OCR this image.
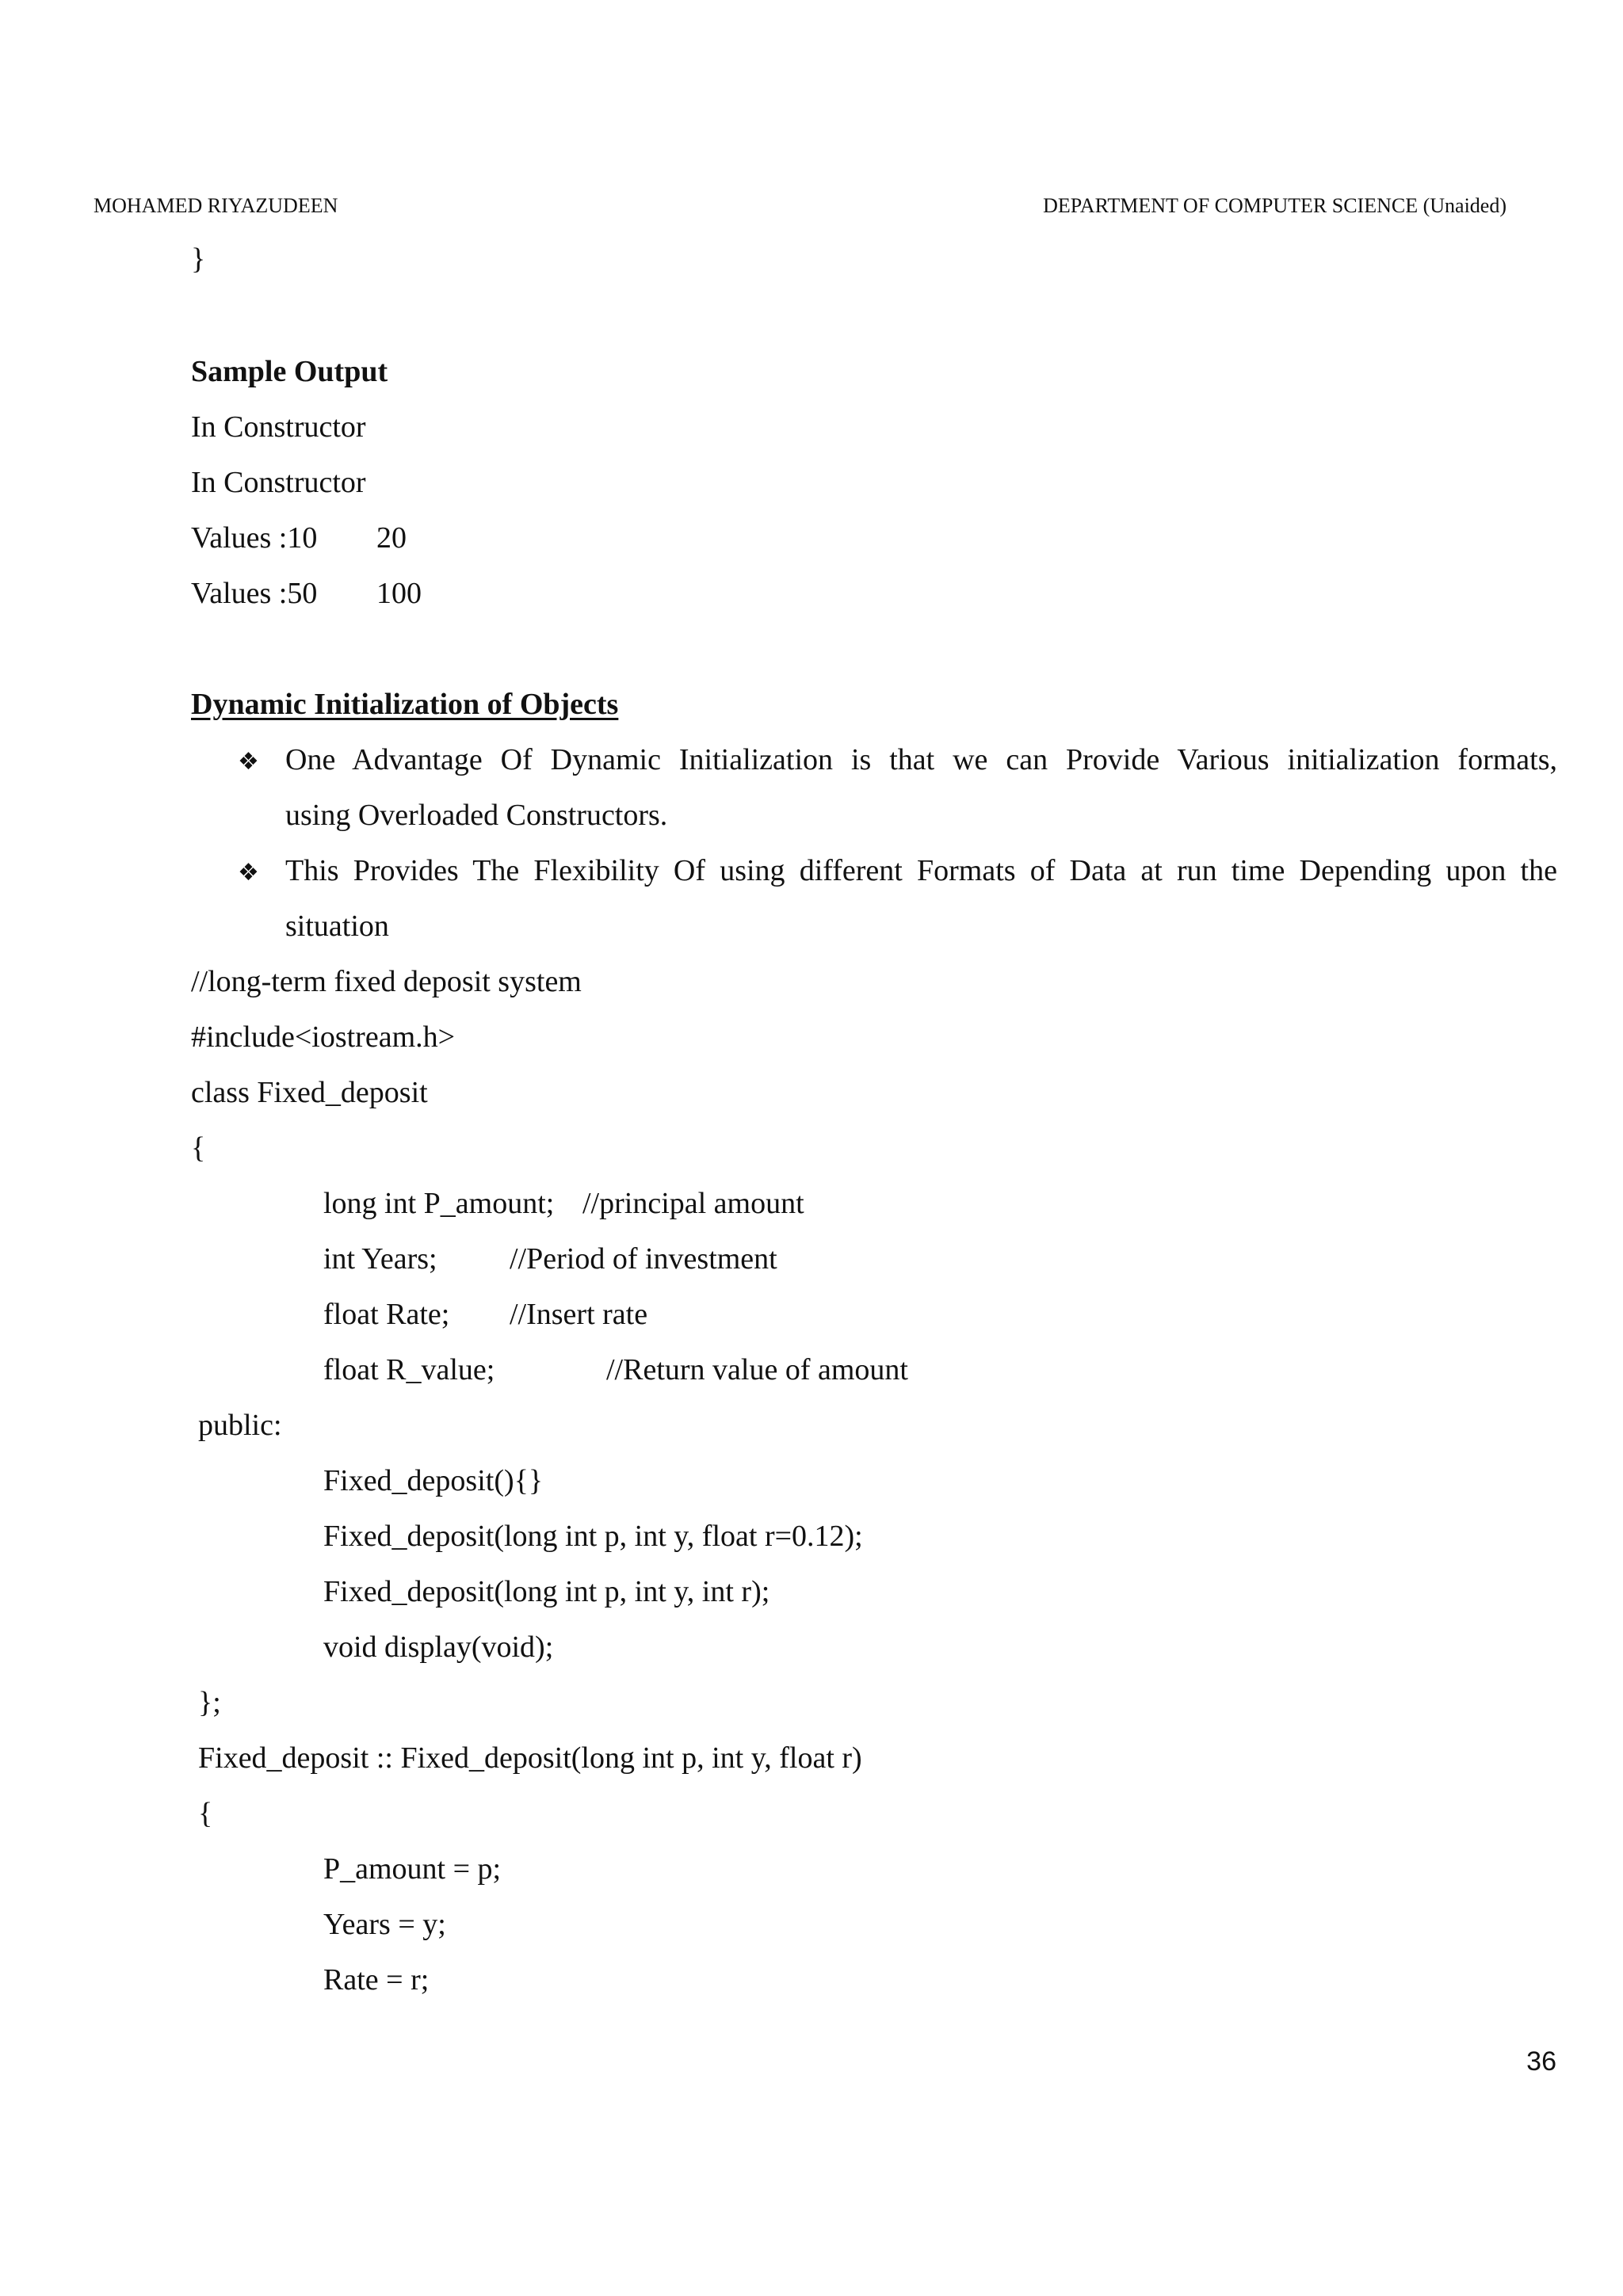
MOHAMED RIYAZUDEEN	DEPARTMENT OF COMPUTER SCIENCE (Unaided)
}
Sample Output
In Constructor
In Constructor
Values :10 20
Values :50 100
Dynamic Initialization of Objects
❖ One Advantage Of Dynamic Initialization is that we can Provide Various initialization formats,
using Overloaded Constructors.
❖ This Provides The Flexibility Of using different Formats of Data at run time Depending upon the
situation
//long-term fixed deposit system
#include<iostream.h>
class Fixed_deposit
{
long int P_amount; //principal amount
int Years; //Period of investment
float Rate; //Insert rate
float R_value;	//Return value of amount
public:
Fixed_deposit(){}
Fixed_deposit(long int p, int y, float r=0.12);
Fixed_deposit(long int p, int y, int r);
void display(void);
};
Fixed_deposit :: Fixed_deposit(long int p, int y, float r)
{
P_amount = p;
Years = y;
Rate = r;
36
